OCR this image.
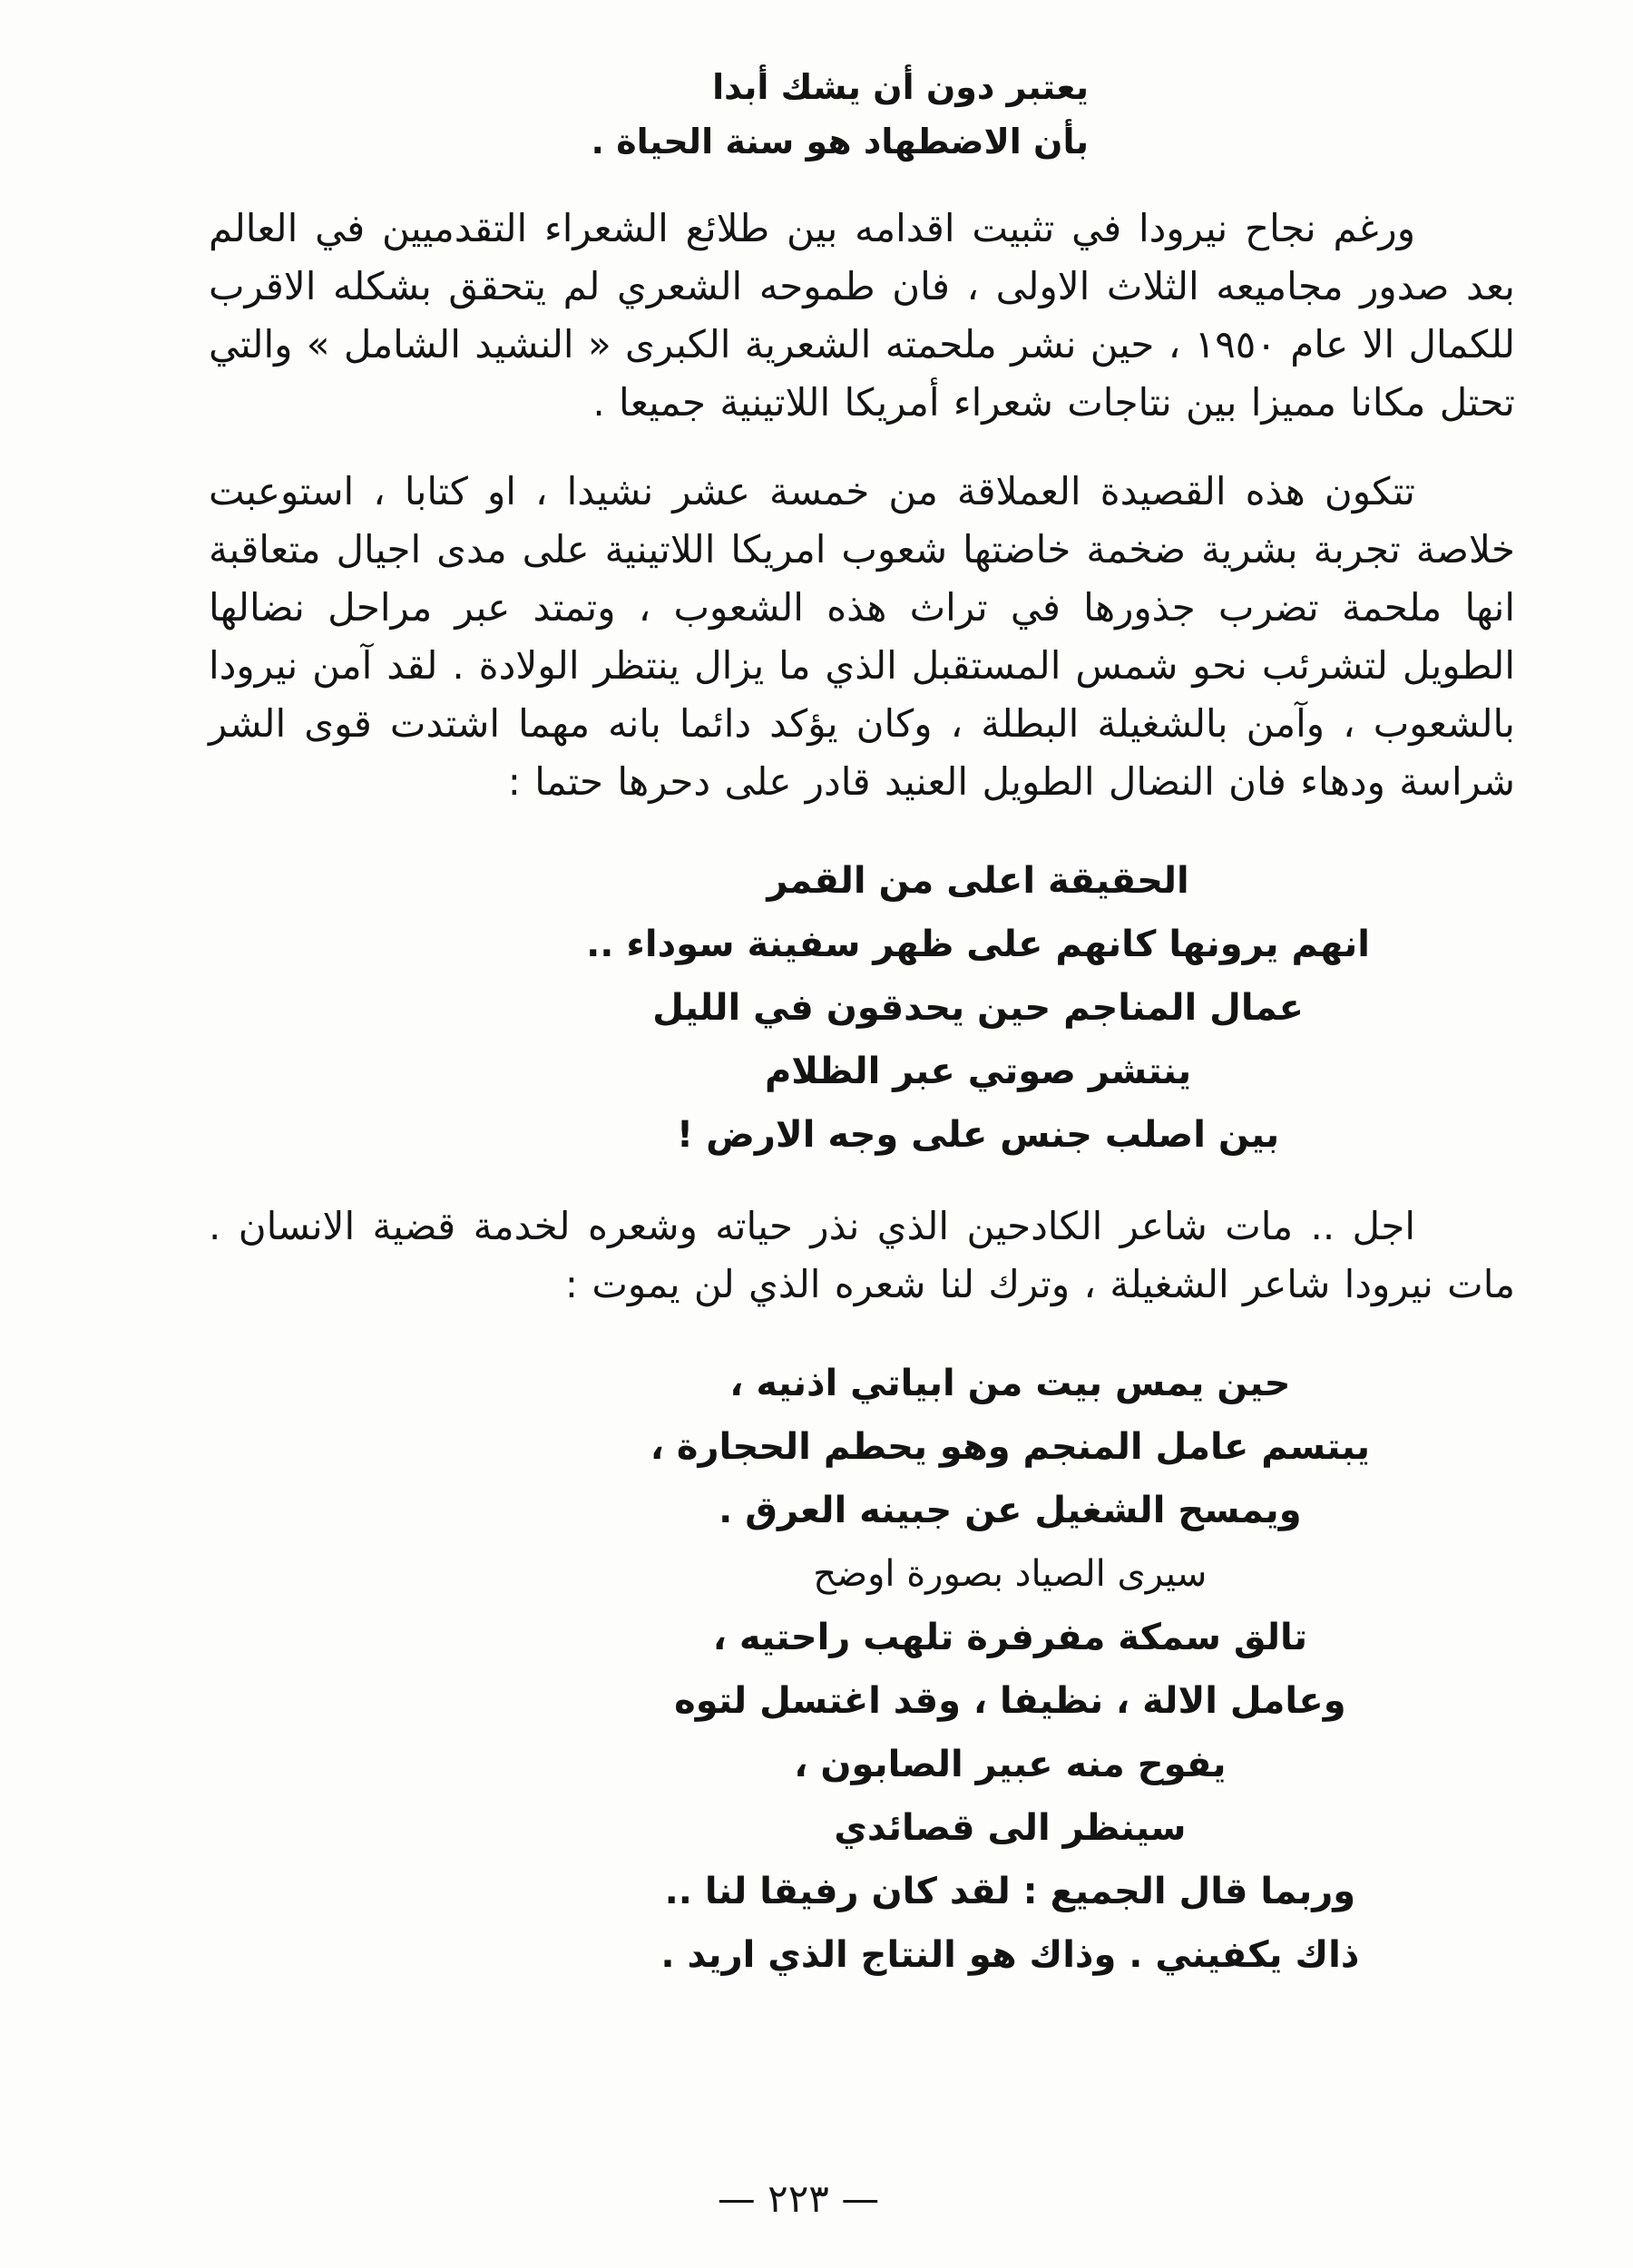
يعتبر دون أن يشك أبدا

بأن الاضطهاد هو سنة الحياة .

ورغم نجاح نيرودا في تثبيت اقدامه بين طلائع الشعراء التقدميين في العالم بعد صدور مجاميعه الثلاث الاولى ، فان طموحه الشعري لم يتحقق بشكله الاقرب للكمال الا عام ١٩٥٠ ، حين نشر ملحمته الشعرية الكبرى « النشيد الشامل » والتي تحتل مكانا مميزا بين نتاجات شعراء أمريكا اللاتينية جميعا .

تتكون هذه القصيدة العملاقة من خمسة عشر نشيدا ، او كتابا ، استوعبت خلاصة تجربة بشرية ضخمة خاضتها شعوب امريكا اللاتينية على مدى اجيال متعاقبة انها ملحمة تضرب جذورها في تراث هذه الشعوب ، وتمتد عبر مراحل نضالها الطويل لتشرئب نحو شمس المستقبل الذي ما يزال ينتظر الولادة . لقد آمن نيرودا بالشعوب ، وآمن بالشغيلة البطلة ، وكان يؤكد دائما بانه مهما اشتدت قوى الشر شراسة ودهاء فان النضال الطويل العنيد قادر على دحرها حتما :

الحقيقة اعلى من القمر

انهم يرونها كانهم على ظهر سفينة سوداء ..

عمال المناجم حين يحدقون في الليل

ينتشر صوتي عبر الظلام

بين اصلب جنس على وجه الارض !

اجل .. مات شاعر الكادحين الذي نذر حياته وشعره لخدمة قضية الانسان . مات نيرودا شاعر الشغيلة ، وترك لنا شعره الذي لن يموت :

حين يمس بيت من ابياتي اذنيه ،

يبتسم عامل المنجم وهو يحطم الحجارة ،

ويمسح الشغيل عن جبينه العرق .

سيرى الصياد بصورة اوضح

تالق سمكة مفرفرة تلهب راحتيه ،

وعامل الالة ، نظيفا ، وقد اغتسل لتوه

يفوح منه عبير الصابون ،

سينظر الى قصائدي

وربما قال الجميع : لقد كان رفيقا لنا ..

ذاك يكفيني . وذاك هو النتاج الذي اريد .

— ٢٢٣ —
